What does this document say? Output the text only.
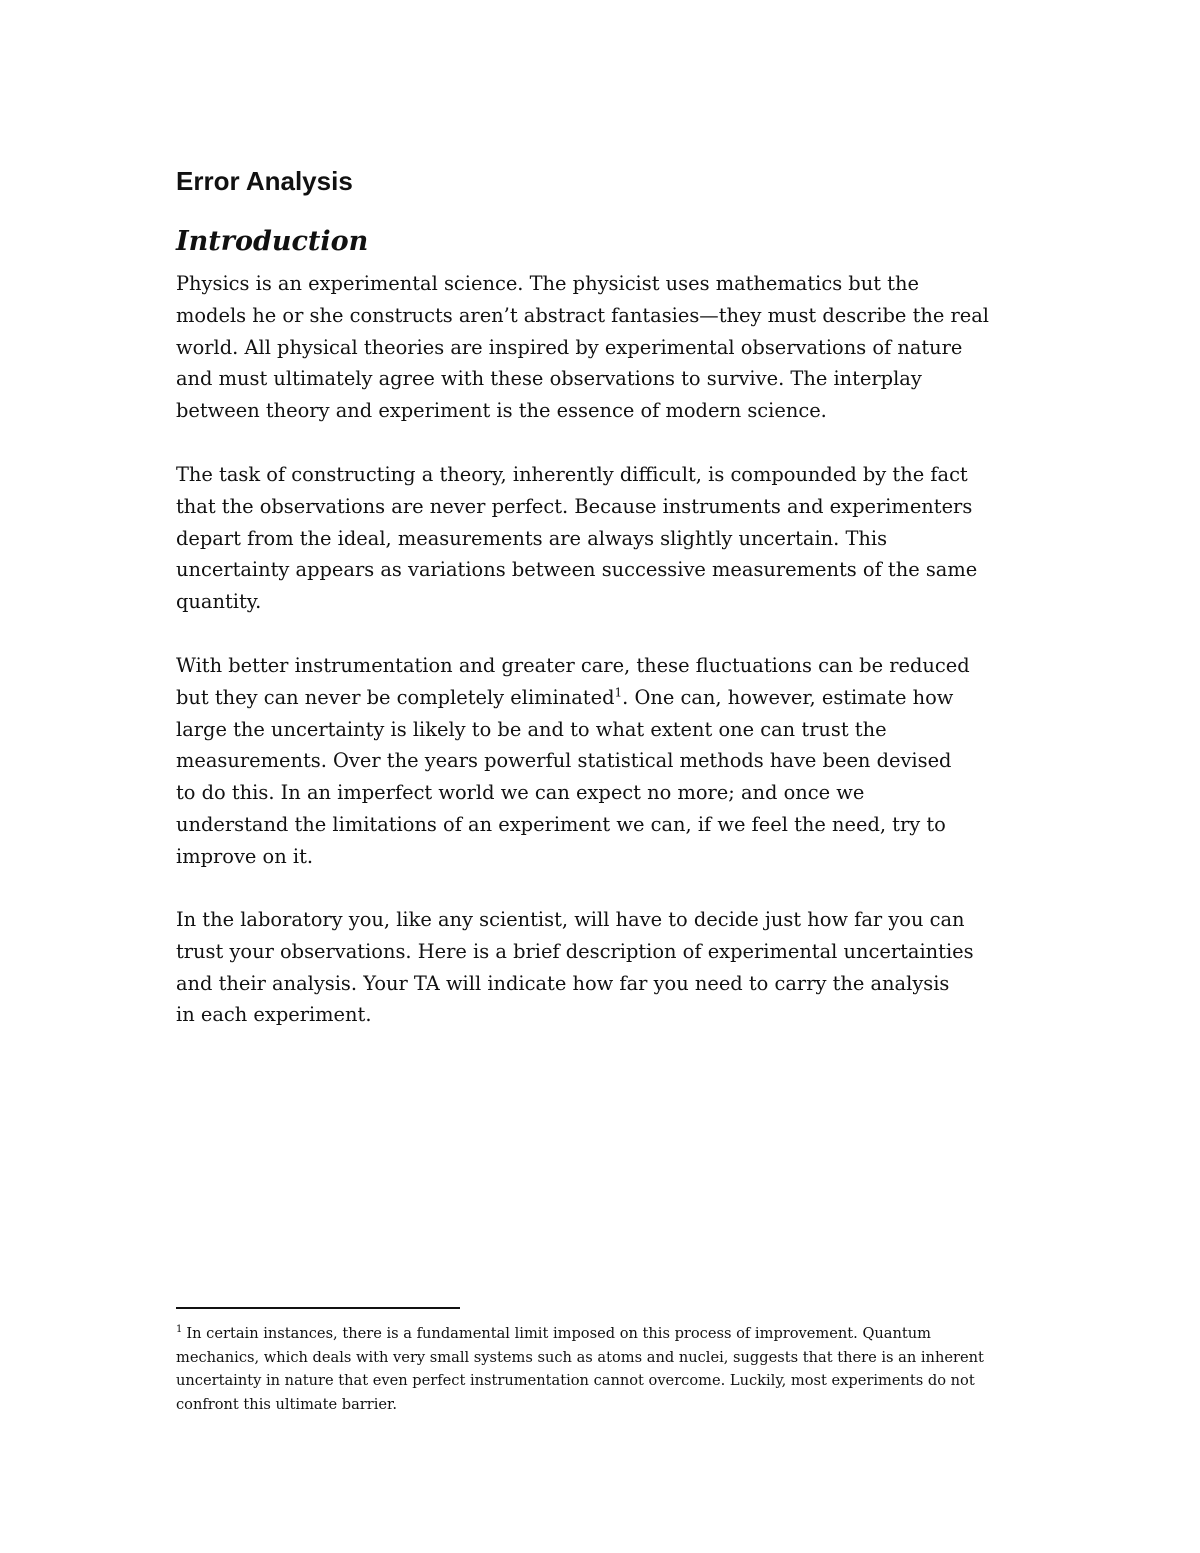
Error Analysis
Introduction

Physics is an experimental science. The physicist uses mathematics but the
models he or she constructs aren’t abstract fantasies—they must describe the real
world. All physical theories are inspired by experimental observations of nature
and must ultimately agree with these observations to survive. The interplay
between theory and experiment is the essence of modern science.

The task of constructing a theory, inherently difficult, is compounded by the fact
that the observations are never perfect. Because instruments and experimenters
depart from the ideal, measurements are always slightly uncertain. This
uncertainty appears as variations between successive measurements of the same
quantity.

With better instrumentation and greater care, these fluctuations can be reduced
but they can never be completely eliminated$^1$. One can, however, estimate how
large the uncertainty is likely to be and to what extent one can trust the
measurements. Over the years powerful statistical methods have been devised
to do this. In an imperfect world we can expect no more; and once we
understand the limitations of an experiment we can, if we feel the need, try to
improve on it.

In the laboratory you, like any scientist, will have to decide just how far you can
trust your observations. Here is a brief description of experimental uncertainties
and their analysis. Your TA will indicate how far you need to carry the analysis
in each experiment.

$^1$ In certain instances, there is a fundamental limit imposed on this process of improvement. Quantum
mechanics, which deals with very small systems such as atoms and nuclei, suggests that there is an inherent
uncertainty in nature that even perfect instrumentation cannot overcome. Luckily, most experiments do not
confront this ultimate barrier.
